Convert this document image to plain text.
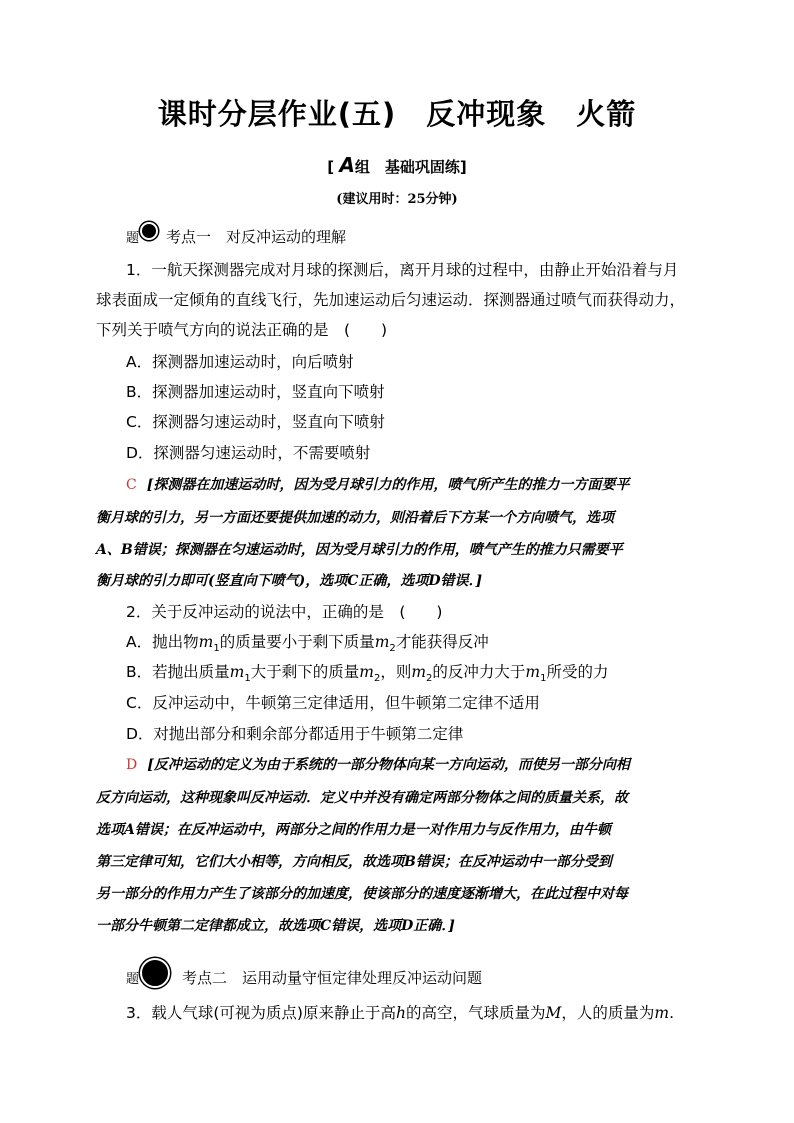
课时分层作业(五)　反冲现象　火箭
[ A组　基础巩固练]
(建议用时：25分钟)
题 考点一　对反冲运动的理解
1．一航天探测器完成对月球的探测后，离开月球的过程中，由静止开始沿着与月
球表面成一定倾角的直线飞行，先加速运动后匀速运动．探测器通过喷气而获得动力，
下列关于喷气方向的说法正确的是　(　　)
A．探测器加速运动时，向后喷射
B．探测器加速运动时，竖直向下喷射
C．探测器匀速运动时，竖直向下喷射
D．探测器匀速运动时，不需要喷射
C [探测器在加速运动时，因为受月球引力的作用，喷气所产生的推力一方面要平
衡月球的引力，另一方面还要提供加速的动力，则沿着后下方某一个方向喷气，选项
A、B错误；探测器在匀速运动时，因为受月球引力的作用，喷气产生的推力只需要平
衡月球的引力即可(竖直向下喷气)，选项C正确，选项D错误．]
2．关于反冲运动的说法中，正确的是　(　　)
A．抛出物$m_1$的质量要小于剩下质量$m_2$才能获得反冲
B．若抛出质量$m_1$大于剩下的质量$m_2$，则$m_2$的反冲力大于$m_1$所受的力
C．反冲运动中，牛顿第三定律适用，但牛顿第二定律不适用
D．对抛出部分和剩余部分都适用于牛顿第二定律
D [反冲运动的定义为由于系统的一部分物体向某一方向运动，而使另一部分向相
反方向运动，这种现象叫反冲运动．定义中并没有确定两部分物体之间的质量关系，故
选项A错误；在反冲运动中，两部分之间的作用力是一对作用力与反作用力，由牛顿
第三定律可知，它们大小相等，方向相反，故选项B错误；在反冲运动中一部分受到
另一部分的作用力产生了该部分的加速度，使该部分的速度逐渐增大，在此过程中对每
一部分牛顿第二定律都成立，故选项C错误，选项D正确．]
题	考点二　运用动量守恒定律处理反冲运动问题
3．载人气球(可视为质点)原来静止于高h的高空，气球质量为M，人的质量为m.
